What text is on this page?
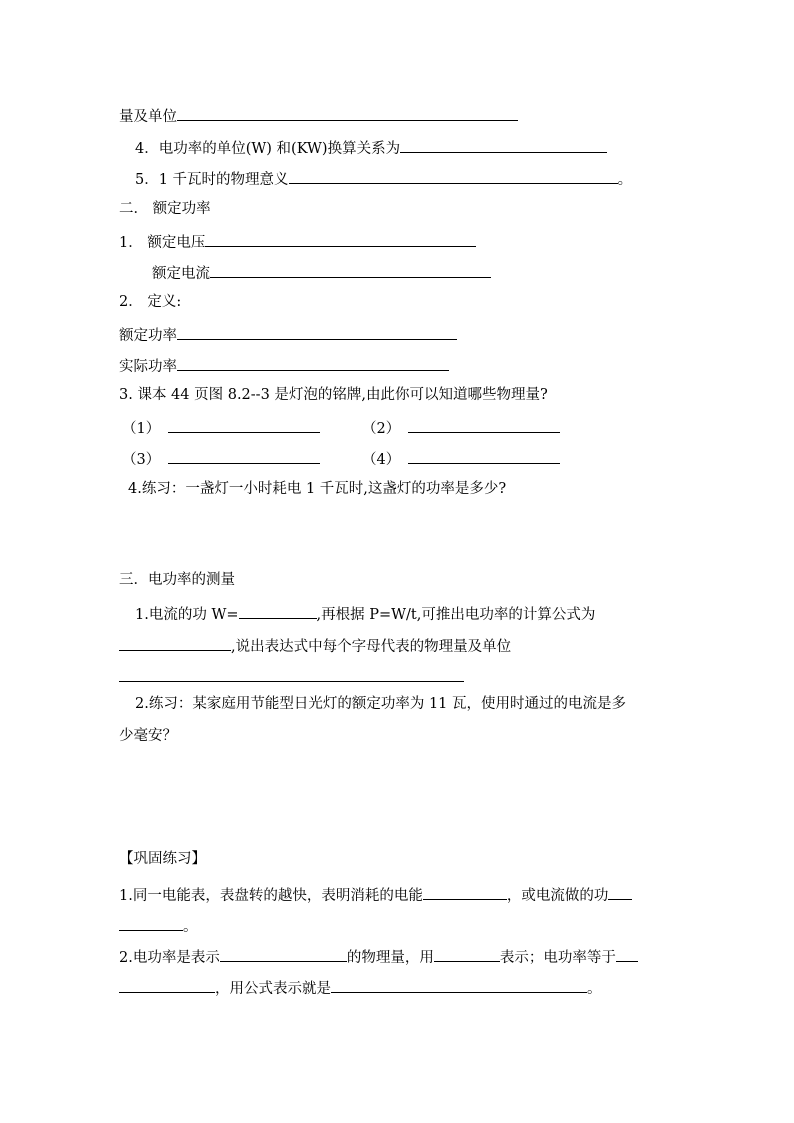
量及单位
4．电功率的单位(W) 和(KW)换算关系为
5．1 千瓦时的物理意义	。
二． 额定功率
1． 额定电压
额定电流
2． 定义:
额定功率
实际功率
3. 课本 44 页图 8.2--3 是灯泡的铭牌,由此你可以知道哪些物理量?
（1）	（2）
（3）	（4）
4.练习：一盏灯一小时耗电 1 千瓦时,这盏灯的功率是多少?
三．电功率的测量
1.电流的功 W=	,再根据 P=W/t,可推出电功率的计算公式为
,说出表达式中每个字母代表的物理量及单位
2.练习：某家庭用节能型日光灯的额定功率为 11 瓦，使用时通过的电流是多
少毫安？
【巩固练习】
1.同一电能表，表盘转的越快，表明消耗的电能	，或电流做的功
。
2.电功率是表示	的物理量，用	表示；电功率等于
，用公式表示就是	。
